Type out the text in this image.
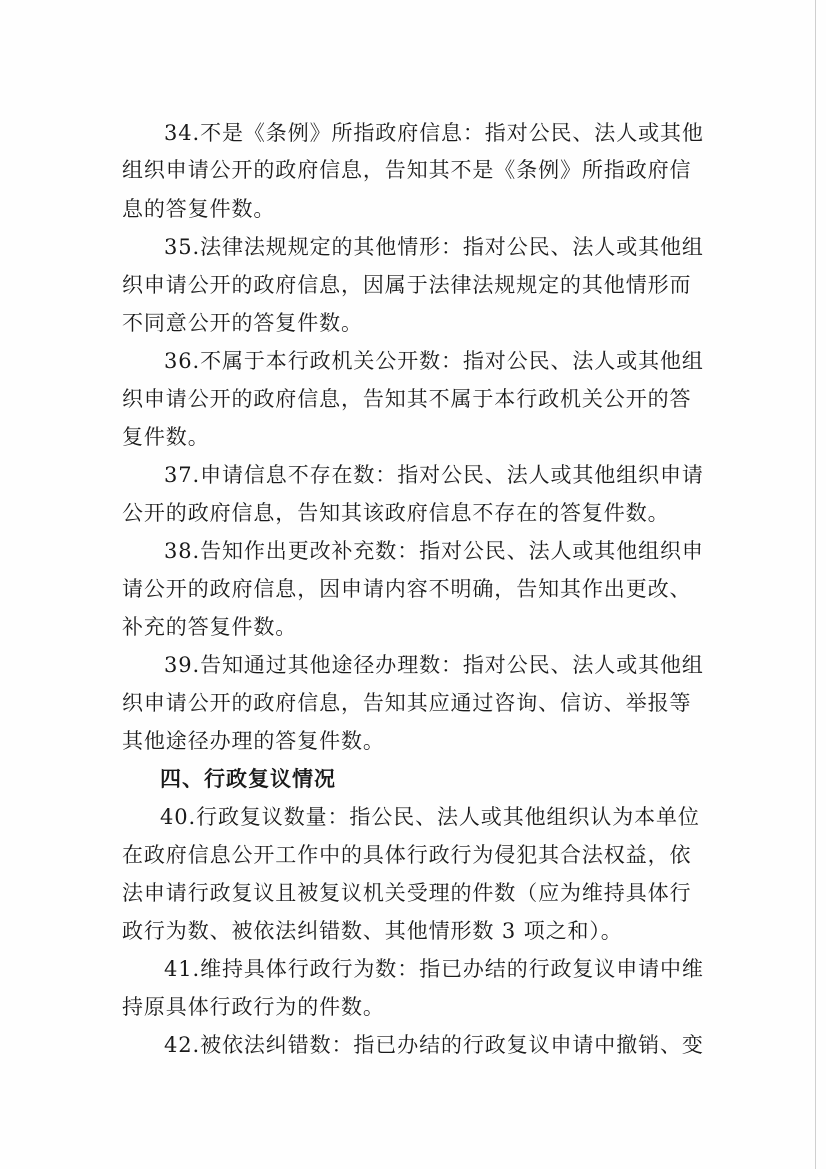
34.不是《条例》所指政府信息：指对公民、法人或其他
组织申请公开的政府信息，告知其不是《条例》所指政府信
息的答复件数。
35.法律法规规定的其他情形：指对公民、法人或其他组
织申请公开的政府信息，因属于法律法规规定的其他情形而
不同意公开的答复件数。
36.不属于本行政机关公开数：指对公民、法人或其他组
织申请公开的政府信息，告知其不属于本行政机关公开的答
复件数。
37.申请信息不存在数：指对公民、法人或其他组织申请
公开的政府信息，告知其该政府信息不存在的答复件数。
38.告知作出更改补充数：指对公民、法人或其他组织申
请公开的政府信息，因申请内容不明确，告知其作出更改、
补充的答复件数。
39.告知通过其他途径办理数：指对公民、法人或其他组
织申请公开的政府信息，告知其应通过咨询、信访、举报等
其他途径办理的答复件数。
四、行政复议情况
40.行政复议数量：指公民、法人或其他组织认为本单位
在政府信息公开工作中的具体行政行为侵犯其合法权益，依
法申请行政复议且被复议机关受理的件数（应为维持具体行
政行为数、被依法纠错数、其他情形数 3 项之和）。
41.维持具体行政行为数：指已办结的行政复议申请中维
持原具体行政行为的件数。
42.被依法纠错数：指已办结的行政复议申请中撤销、变
